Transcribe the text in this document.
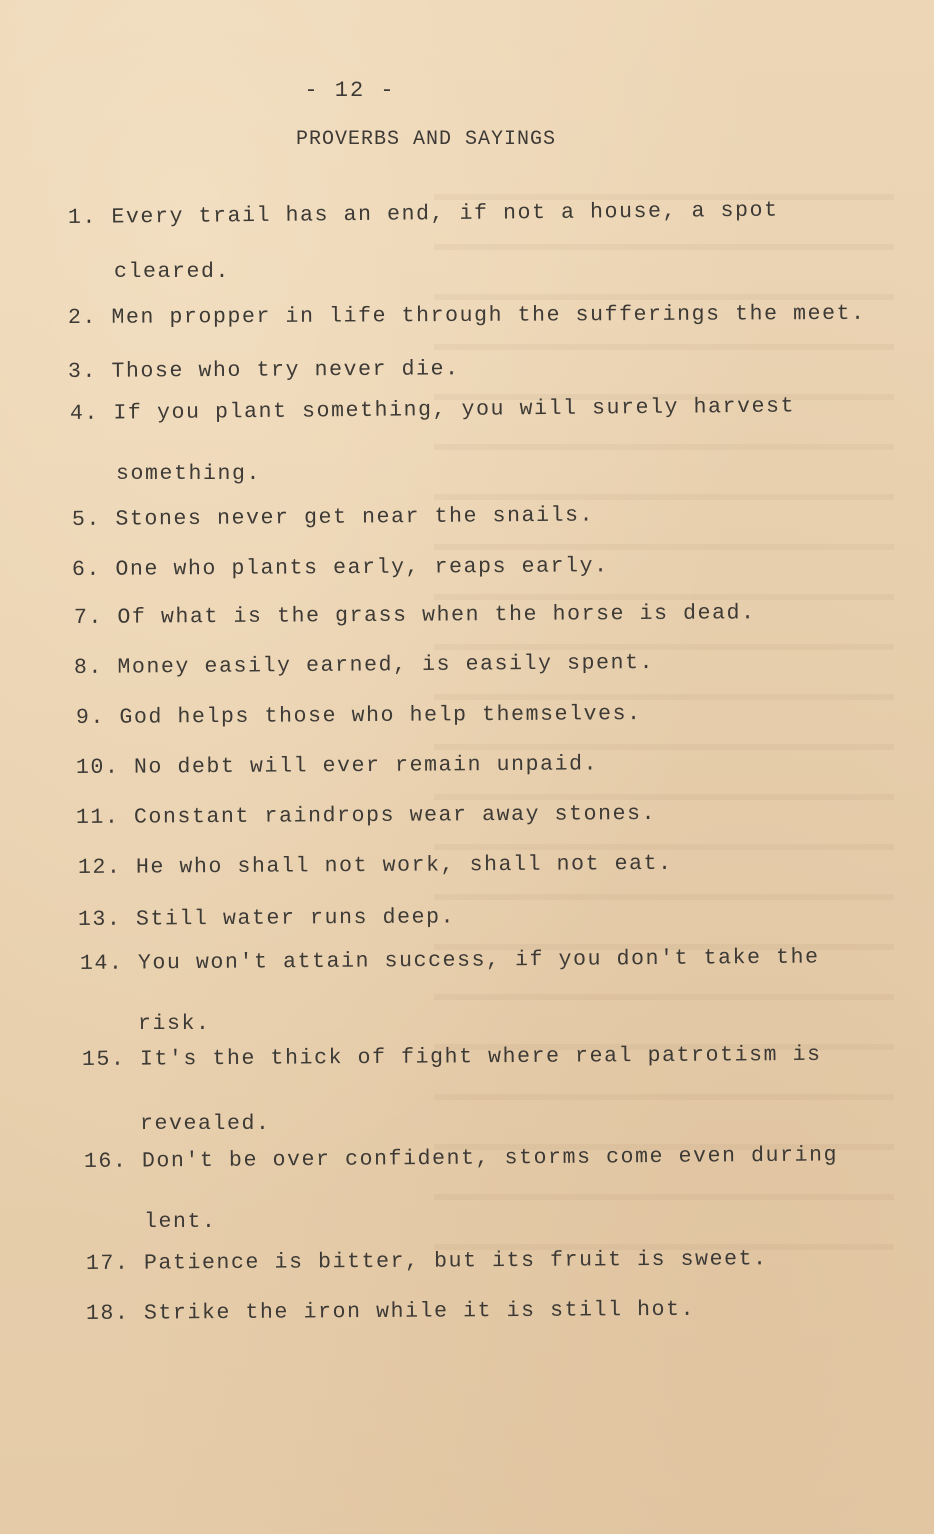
- 12 -
PROVERBS AND SAYINGS
1. Every trail has an end, if not a house, a spot
cleared.
2. Men propper in life through the sufferings the meet.
3. Those who try never die.
4. If you plant something, you will surely harvest
something.
5. Stones never get near the snails.
6. One who plants early, reaps early.
7. Of what is the grass when the horse is dead.
8. Money easily earned, is easily spent.
9. God helps those who help themselves.
10. No debt will ever remain unpaid.
11. Constant raindrops wear away stones.
12. He who shall not work, shall not eat.
13. Still water runs deep.
14. You won't attain success, if you don't take the
risk.
15. It's the thick of fight where real patrotism is
revealed.
16. Don't be over confident, storms come even during
lent.
17. Patience is bitter, but its fruit is sweet.
18. Strike the iron while it is still hot.
